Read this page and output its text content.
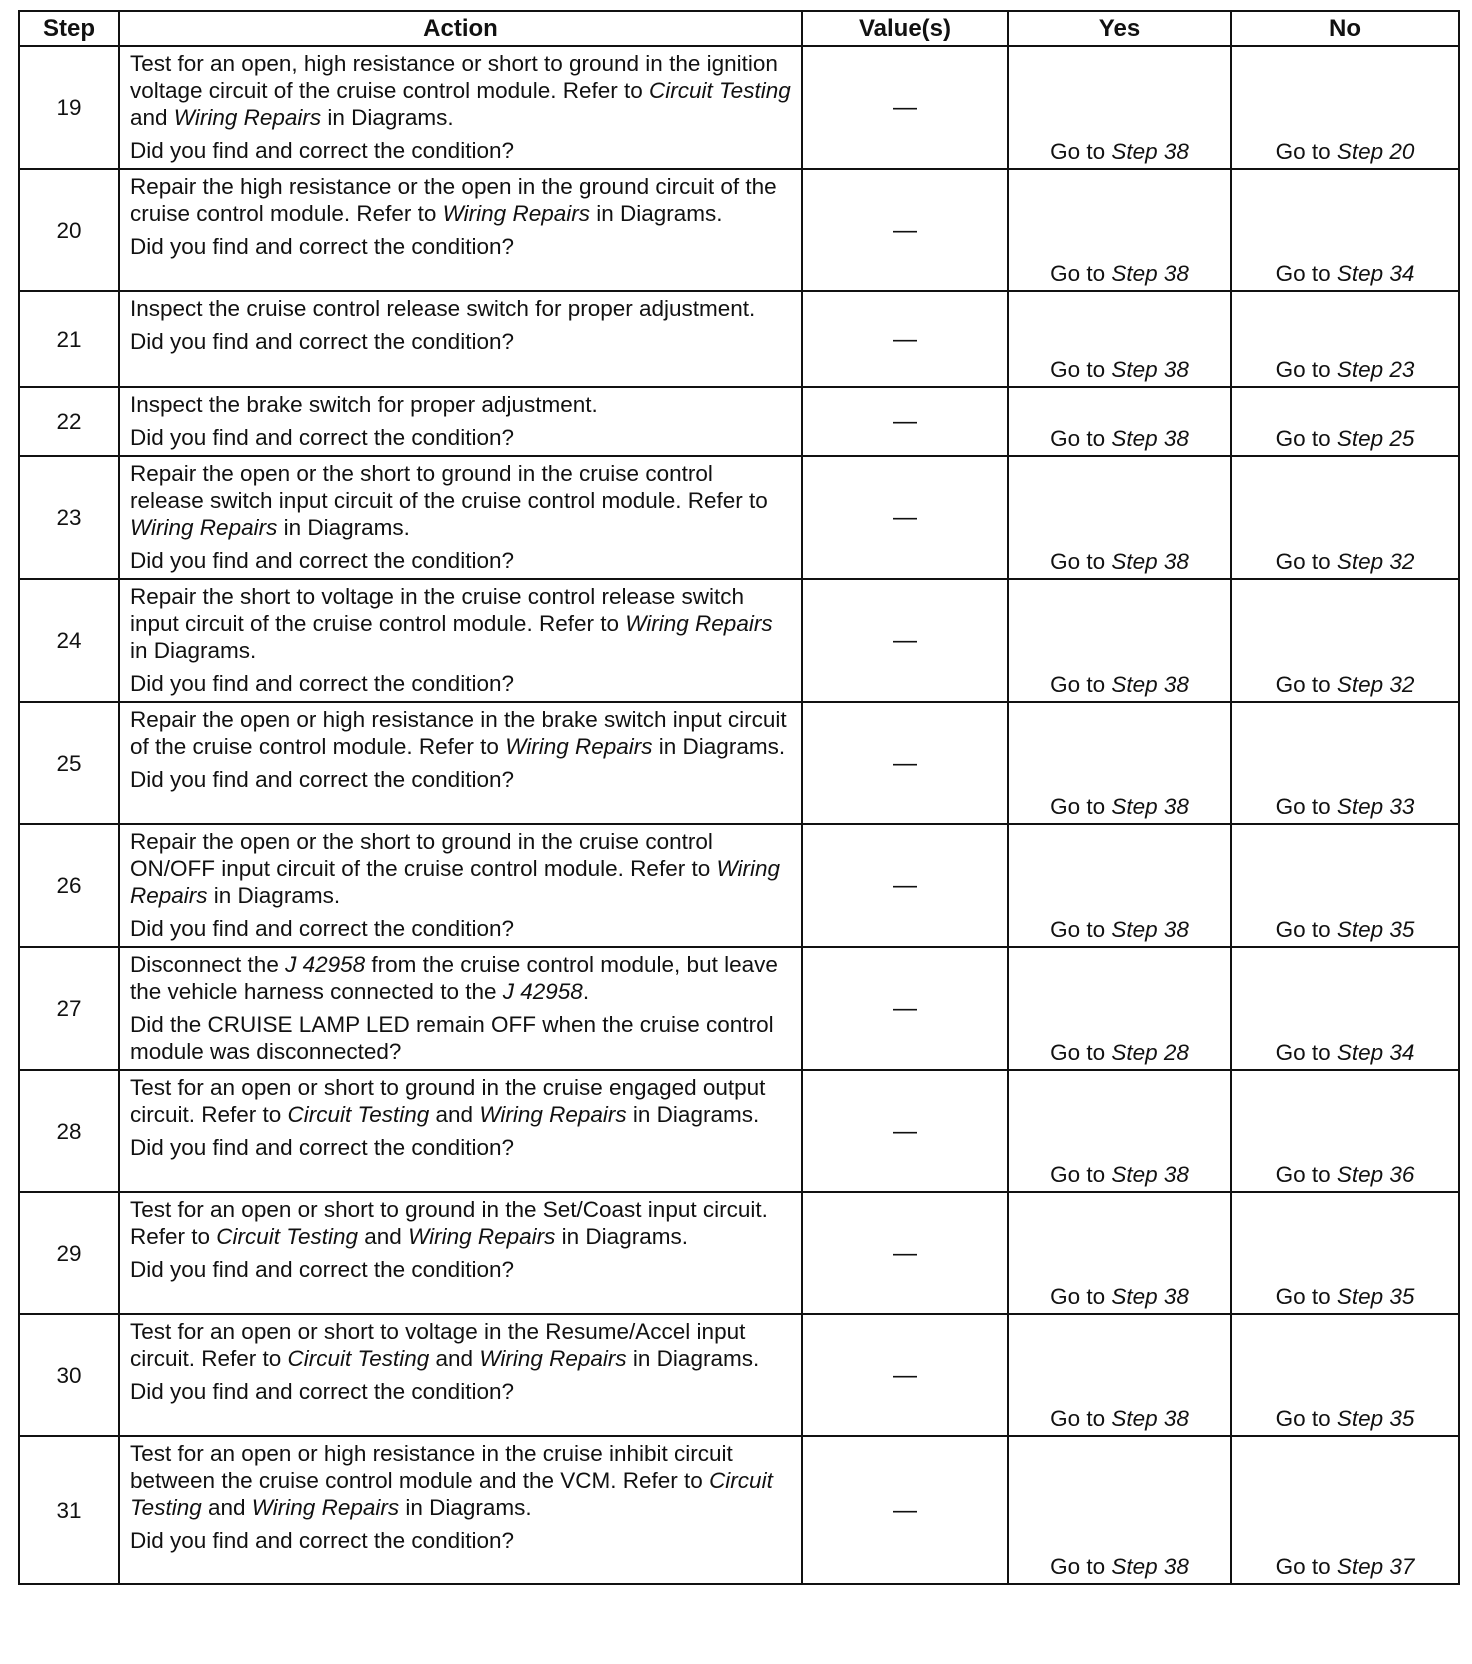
Step	Action	Value(s)	Yes	No
19	Test for an open, high resistance or short to ground in the ignition voltage circuit of the cruise control module. Refer to Circuit Testing and Wiring Repairs in Diagrams.
Did you find and correct the condition?	—	Go to Step 38	Go to Step 20
20	Repair the high resistance or the open in the ground circuit of the cruise control module. Refer to Wiring Repairs in Diagrams.
Did you find and correct the condition?	—	Go to Step 38	Go to Step 34
21	Inspect the cruise control release switch for proper adjustment.
Did you find and correct the condition?	—	Go to Step 38	Go to Step 23
22	Inspect the brake switch for proper adjustment.
Did you find and correct the condition?	—	Go to Step 38	Go to Step 25
23	Repair the open or the short to ground in the cruise control release switch input circuit of the cruise control module. Refer to Wiring Repairs in Diagrams.
Did you find and correct the condition?	—	Go to Step 38	Go to Step 32
24	Repair the short to voltage in the cruise control release switch input circuit of the cruise control module. Refer to Wiring Repairs in Diagrams.
Did you find and correct the condition?	—	Go to Step 38	Go to Step 32
25	Repair the open or high resistance in the brake switch input circuit of the cruise control module. Refer to Wiring Repairs in Diagrams.
Did you find and correct the condition?	—	Go to Step 38	Go to Step 33
26	Repair the open or the short to ground in the cruise control ON/OFF input circuit of the cruise control module. Refer to Wiring Repairs in Diagrams.
Did you find and correct the condition?	—	Go to Step 38	Go to Step 35
27	Disconnect the J 42958 from the cruise control module, but leave the vehicle harness connected to the J 42958.
Did the CRUISE LAMP LED remain OFF when the cruise control module was disconnected?	—	Go to Step 28	Go to Step 34
28	Test for an open or short to ground in the cruise engaged output circuit. Refer to Circuit Testing and Wiring Repairs in Diagrams.
Did you find and correct the condition?	—	Go to Step 38	Go to Step 36
29	Test for an open or short to ground in the Set/Coast input circuit. Refer to Circuit Testing and Wiring Repairs in Diagrams.
Did you find and correct the condition?	—	Go to Step 38	Go to Step 35
30	Test for an open or short to voltage in the Resume/Accel input circuit. Refer to Circuit Testing and Wiring Repairs in Diagrams.
Did you find and correct the condition?	—	Go to Step 38	Go to Step 35
31	Test for an open or high resistance in the cruise inhibit circuit between the cruise control module and the VCM. Refer to Circuit Testing and Wiring Repairs in Diagrams.
Did you find and correct the condition?	—	Go to Step 38	Go to Step 37
